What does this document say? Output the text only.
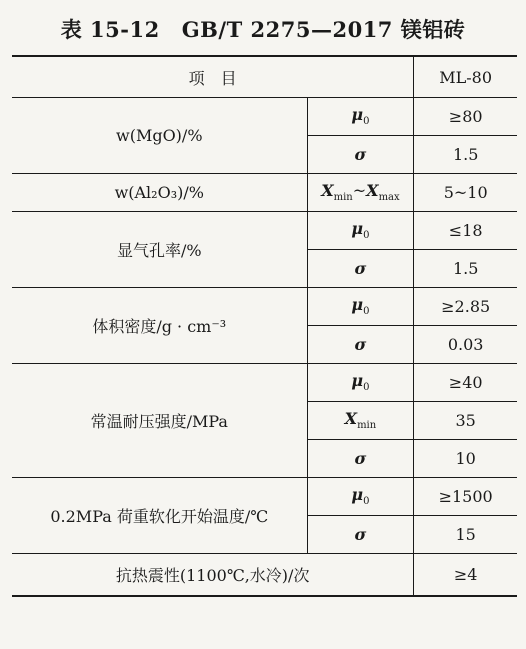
表 15-12 GB/T 2275—2017 镁铝砖
项　目		ML-80
w(MgO)/%	$\mu_0$	≥80
	σ	1.5
w(Al₂O₃)/%	$X_{min}\sim X_{max}$	5~10
显气孔率/%	$\mu_0$	≤18
	σ	1.5
体积密度/g · cm⁻³	$\mu_0$	≥2.85
	σ	0.03
常温耐压强度/MPa	$\mu_0$	≥40
	$X_{min}$	35
	σ	10
0.2MPa 荷重软化开始温度/℃	$\mu_0$	≥1500
	σ	15
抗热震性(1100℃,水冷)/次		≥4
